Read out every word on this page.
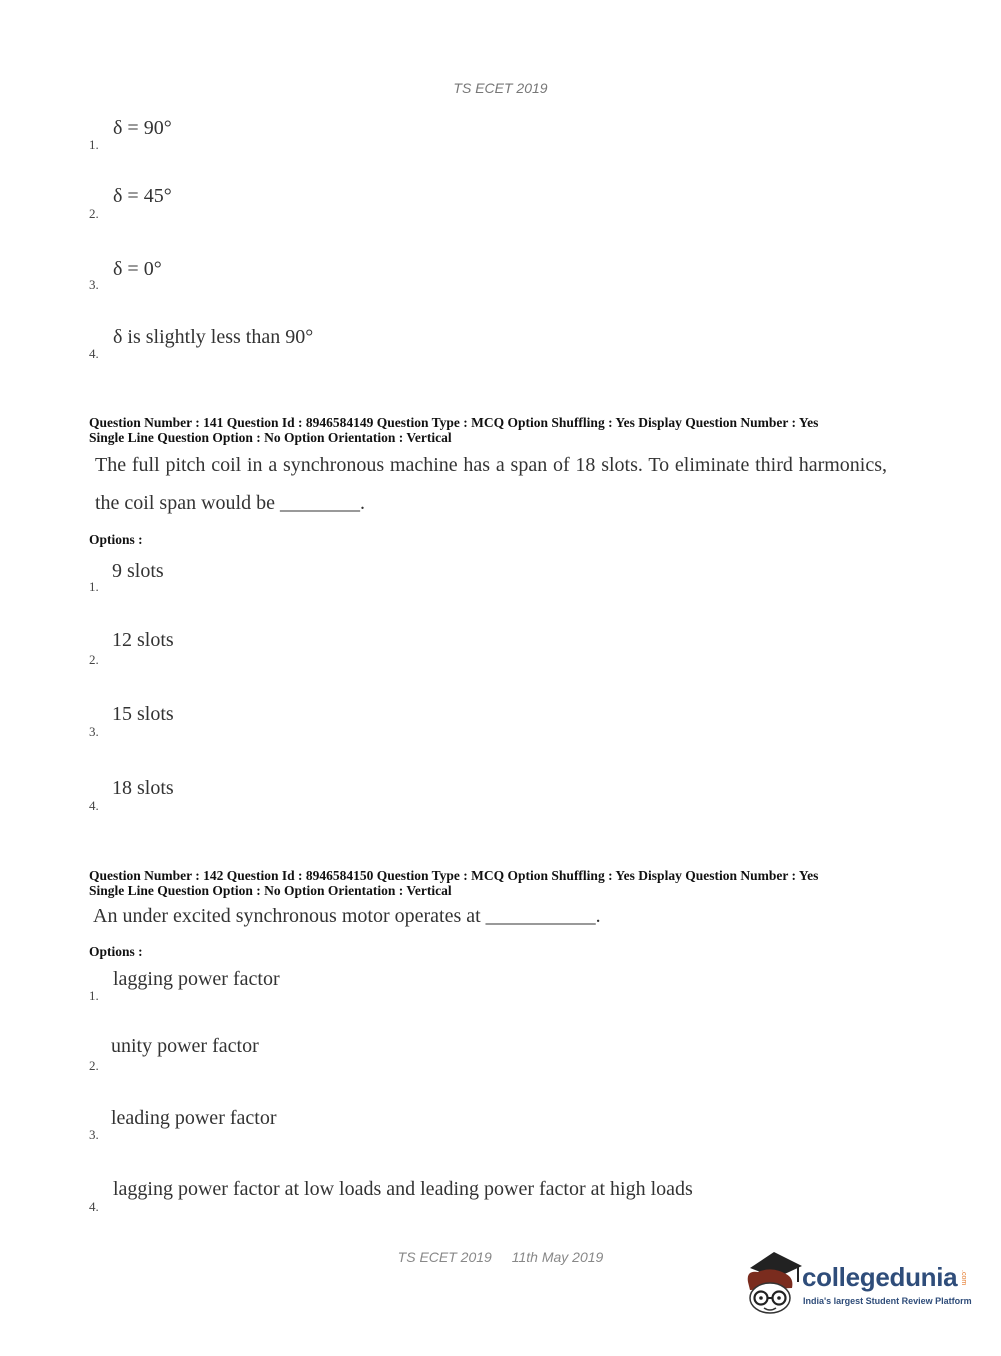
TS ECET 2019
1.
δ = 90°
2.
δ = 45°
3.
δ = 0°
4.
δ is slightly less than 90°
Question Number : 141 Question Id : 8946584149 Question Type : MCQ Option Shuffling : Yes Display Question Number : Yes
Single Line Question Option : No Option Orientation : Vertical
The full pitch coil in a synchronous machine has a span of 18 slots. To eliminate third harmonics, the coil span would be ________.
Options :
1.
9 slots
2.
12 slots
3.
15 slots
4.
18 slots
Question Number : 142 Question Id : 8946584150 Question Type : MCQ Option Shuffling : Yes Display Question Number : Yes
Single Line Question Option : No Option Orientation : Vertical
An under excited synchronous motor operates at ___________.
Options :
1.
lagging power factor
2.
unity power factor
3.
leading power factor
4.
lagging power factor at low loads and leading power factor at high loads
TS ECET 2019 11th May 2019
collegedunia .com
India's largest Student Review Platform
